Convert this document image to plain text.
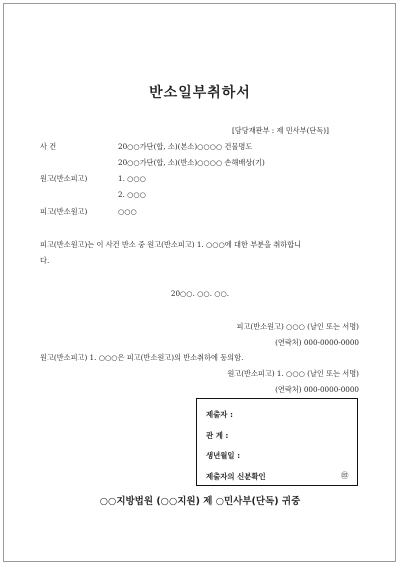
반소일부취하서
[담당재판부 : 제 민사부(단독)]
사 건	20○○가단(합, 소)(본소)○○○○ 건물명도
20○○가단(합, 소)(반소)○○○○ 손해배상(기)
원고(반소피고)	1. ○○○
2. ○○○
피고(반소원고)	○○○
피고(반소원고)는 이 사건 반소 중 원고(반소피고) 1. ○○○에 대한 부분을 취하합니
다.
20○○. ○○. ○○.
피고(반소원고) ○○○ (날인 또는 서명)
(연락처) 000-0000-0000
원고(반소피고) 1. ○○○은 피고(반소원고)의 반소취하에 동의함.
원고(반소피고) 1. ○○○ (날인 또는 서명)
(연락처) 000-0000-0000
제출자 :
관 계 :
생년월일 :
제출자의 신분확인	㊞
○○지방법원 (○○지원) 제 ○민사부(단독) 귀중
